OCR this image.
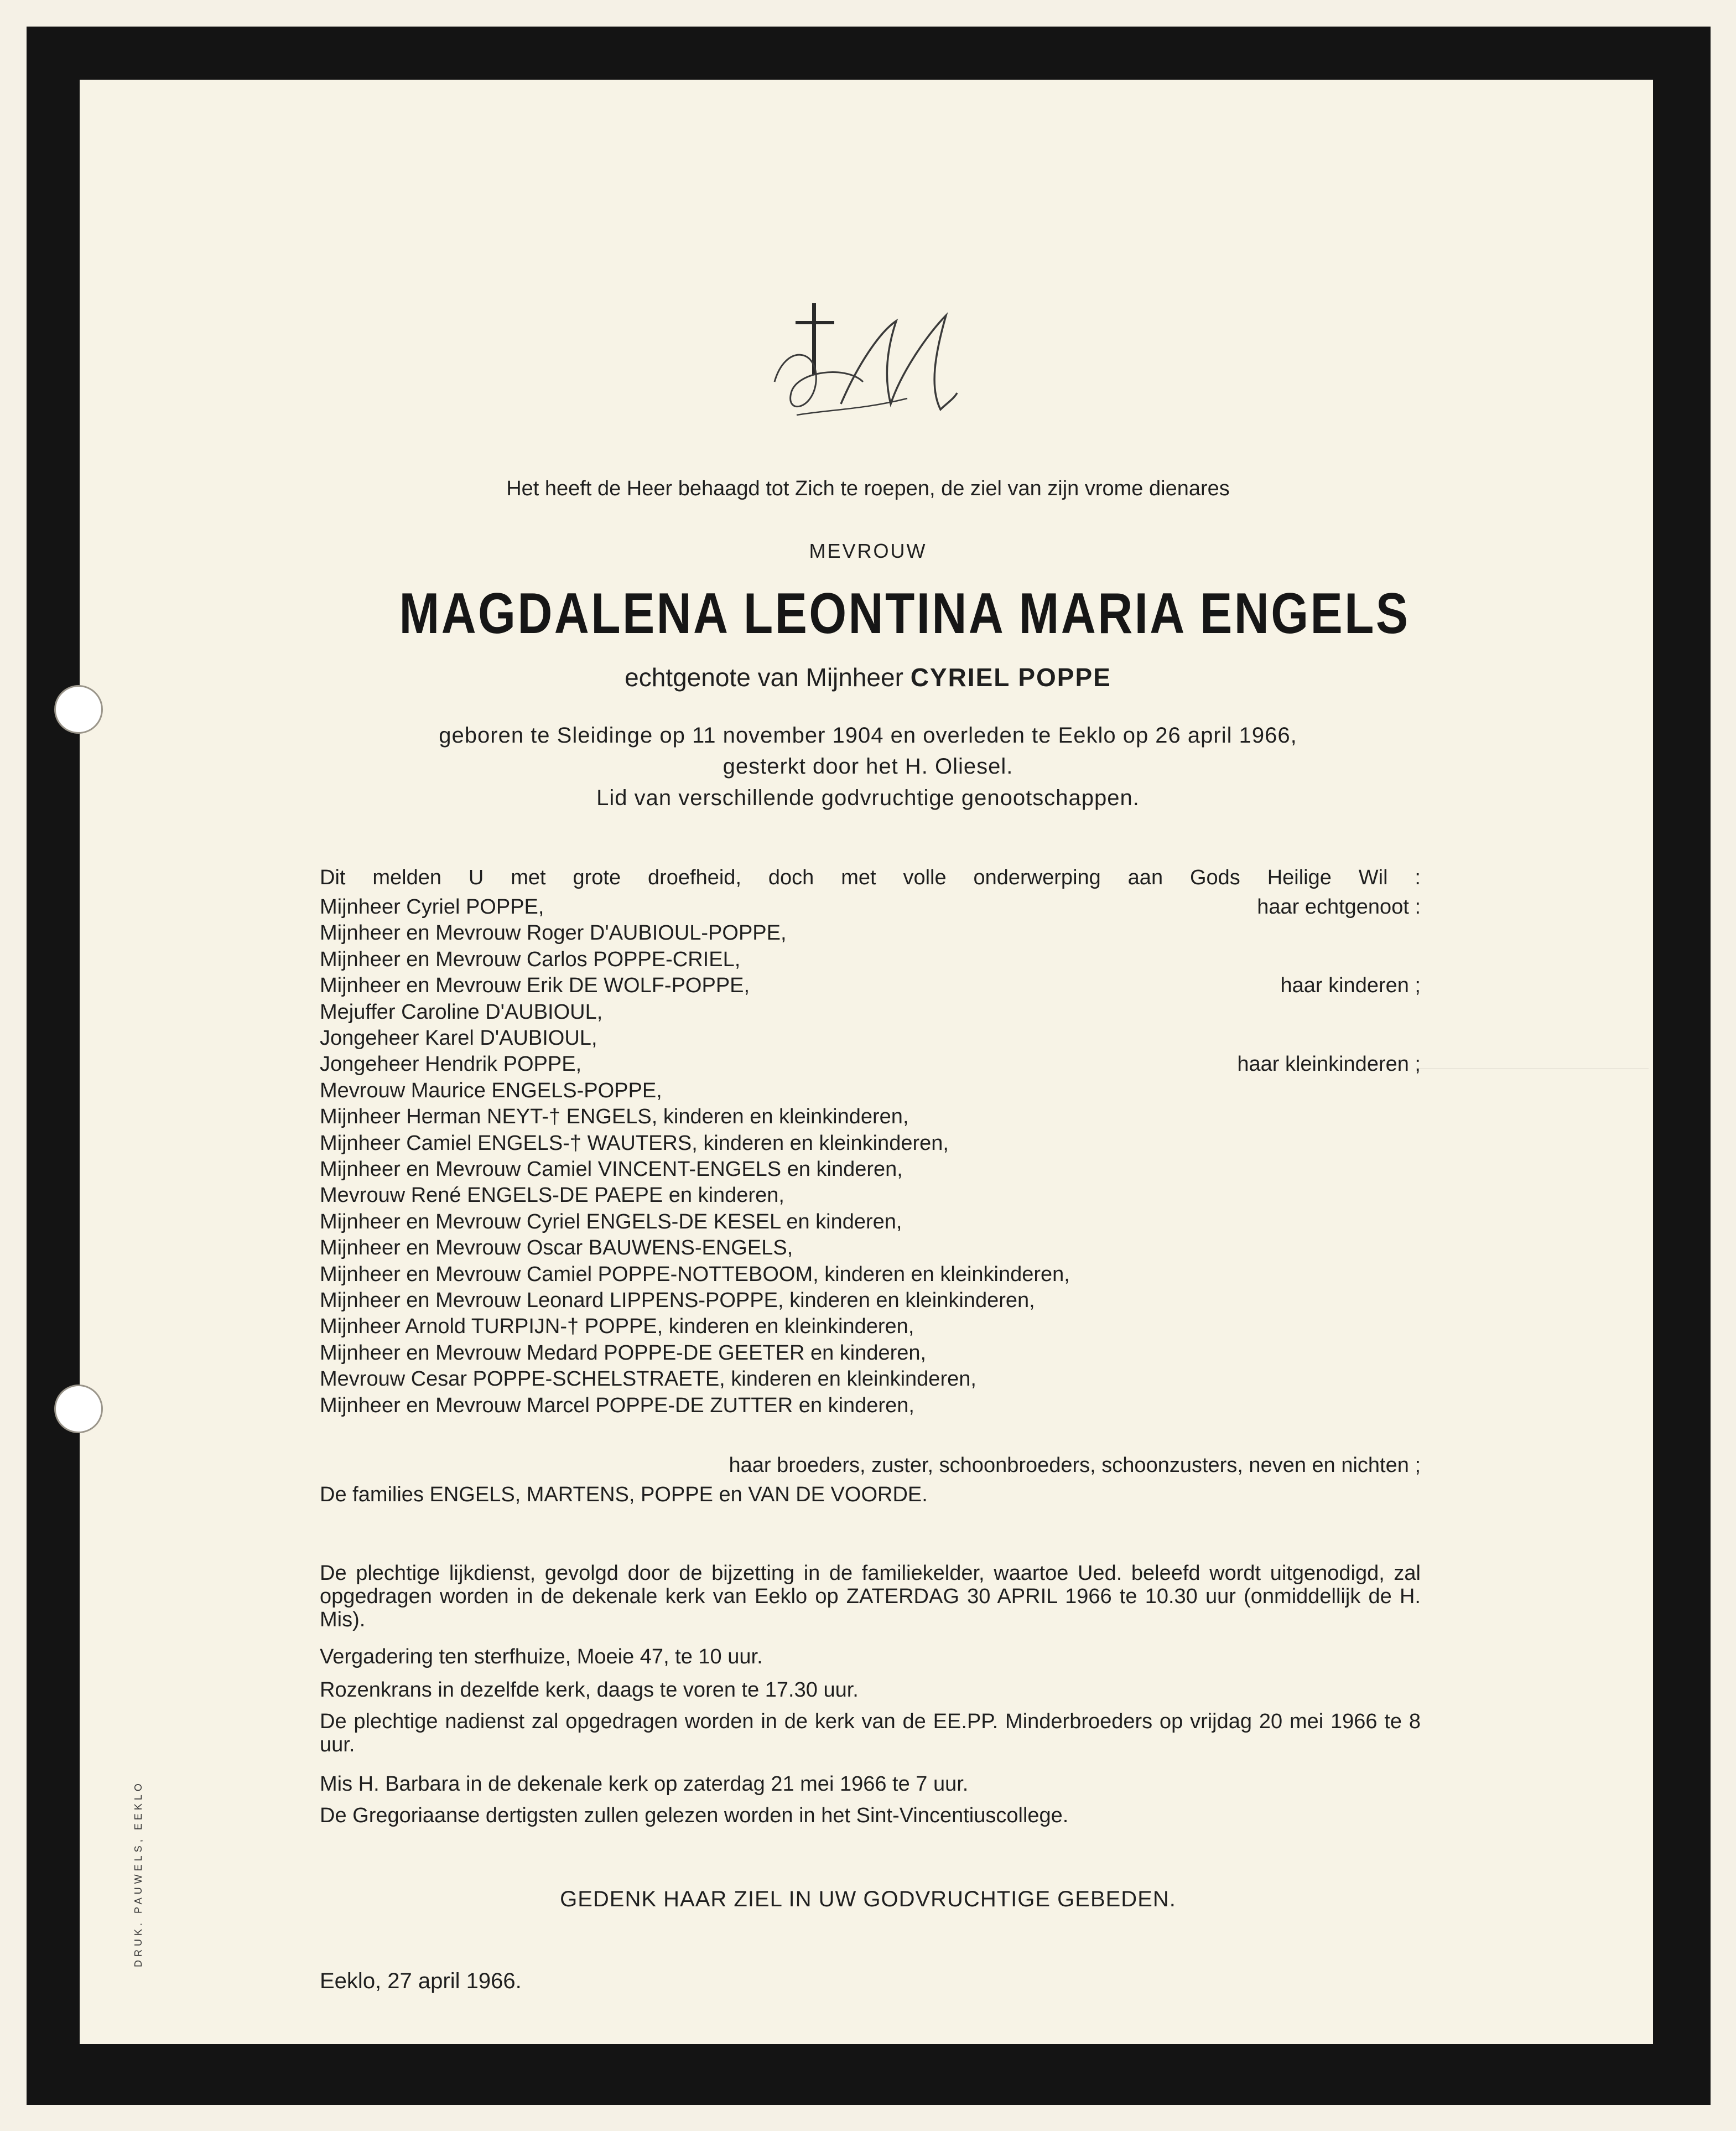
Het heeft de Heer behaagd tot Zich te roepen, de ziel van zijn vrome dienares
MEVROUW
MAGDALENA LEONTINA MARIA ENGELS
echtgenote van Mijnheer CYRIEL POPPE
geboren te Sleidinge op 11 november 1904 en overleden te Eeklo op 26 april 1966,
gesterkt door het H. Oliesel.
Lid van verschillende godvruchtige genootschappen.
Dit melden U met grote droefheid, doch met volle onderwerping aan Gods Heilige Wil :
Mijnheer Cyriel POPPE,	haar echtgenoot :
Mijnheer en Mevrouw Roger D'AUBIOUL-POPPE,
Mijnheer en Mevrouw Carlos POPPE-CRIEL,
Mijnheer en Mevrouw Erik DE WOLF-POPPE,	haar kinderen ;
Mejuffer Caroline D'AUBIOUL,
Jongeheer Karel D'AUBIOUL,
Jongeheer Hendrik POPPE,	haar kleinkinderen ;
Mevrouw Maurice ENGELS-POPPE,
Mijnheer Herman NEYT-† ENGELS, kinderen en kleinkinderen,
Mijnheer Camiel ENGELS-† WAUTERS, kinderen en kleinkinderen,
Mijnheer en Mevrouw Camiel VINCENT-ENGELS en kinderen,
Mevrouw René ENGELS-DE PAEPE en kinderen,
Mijnheer en Mevrouw Cyriel ENGELS-DE KESEL en kinderen,
Mijnheer en Mevrouw Oscar BAUWENS-ENGELS,
Mijnheer en Mevrouw Camiel POPPE-NOTTEBOOM, kinderen en kleinkinderen,
Mijnheer en Mevrouw Leonard LIPPENS-POPPE, kinderen en kleinkinderen,
Mijnheer Arnold TURPIJN-† POPPE, kinderen en kleinkinderen,
Mijnheer en Mevrouw Medard POPPE-DE GEETER en kinderen,
Mevrouw Cesar POPPE-SCHELSTRAETE, kinderen en kleinkinderen,
Mijnheer en Mevrouw Marcel POPPE-DE ZUTTER en kinderen,
haar broeders, zuster, schoonbroeders, schoonzusters, neven en nichten ;
De families ENGELS, MARTENS, POPPE en VAN DE VOORDE.
De plechtige lijkdienst, gevolgd door de bijzetting in de familiekelder, waartoe Ued. beleefd wordt uitgenodigd, zal opgedragen worden in de dekenale kerk van Eeklo op ZATERDAG 30 APRIL 1966 te 10.30 uur (onmiddellijk de H. Mis).
Vergadering ten sterfhuize, Moeie 47, te 10 uur.
Rozenkrans in dezelfde kerk, daags te voren te 17.30 uur.
De plechtige nadienst zal opgedragen worden in de kerk van de EE.PP. Minderbroeders op vrijdag 20 mei 1966 te 8 uur.
Mis H. Barbara in de dekenale kerk op zaterdag 21 mei 1966 te 7 uur.
De Gregoriaanse dertigsten zullen gelezen worden in het Sint-Vincentiuscollege.
GEDENK HAAR ZIEL IN UW GODVRUCHTIGE GEBEDEN.
Eeklo, 27 april 1966.
DRUK. PAUWELS, EEKLO
